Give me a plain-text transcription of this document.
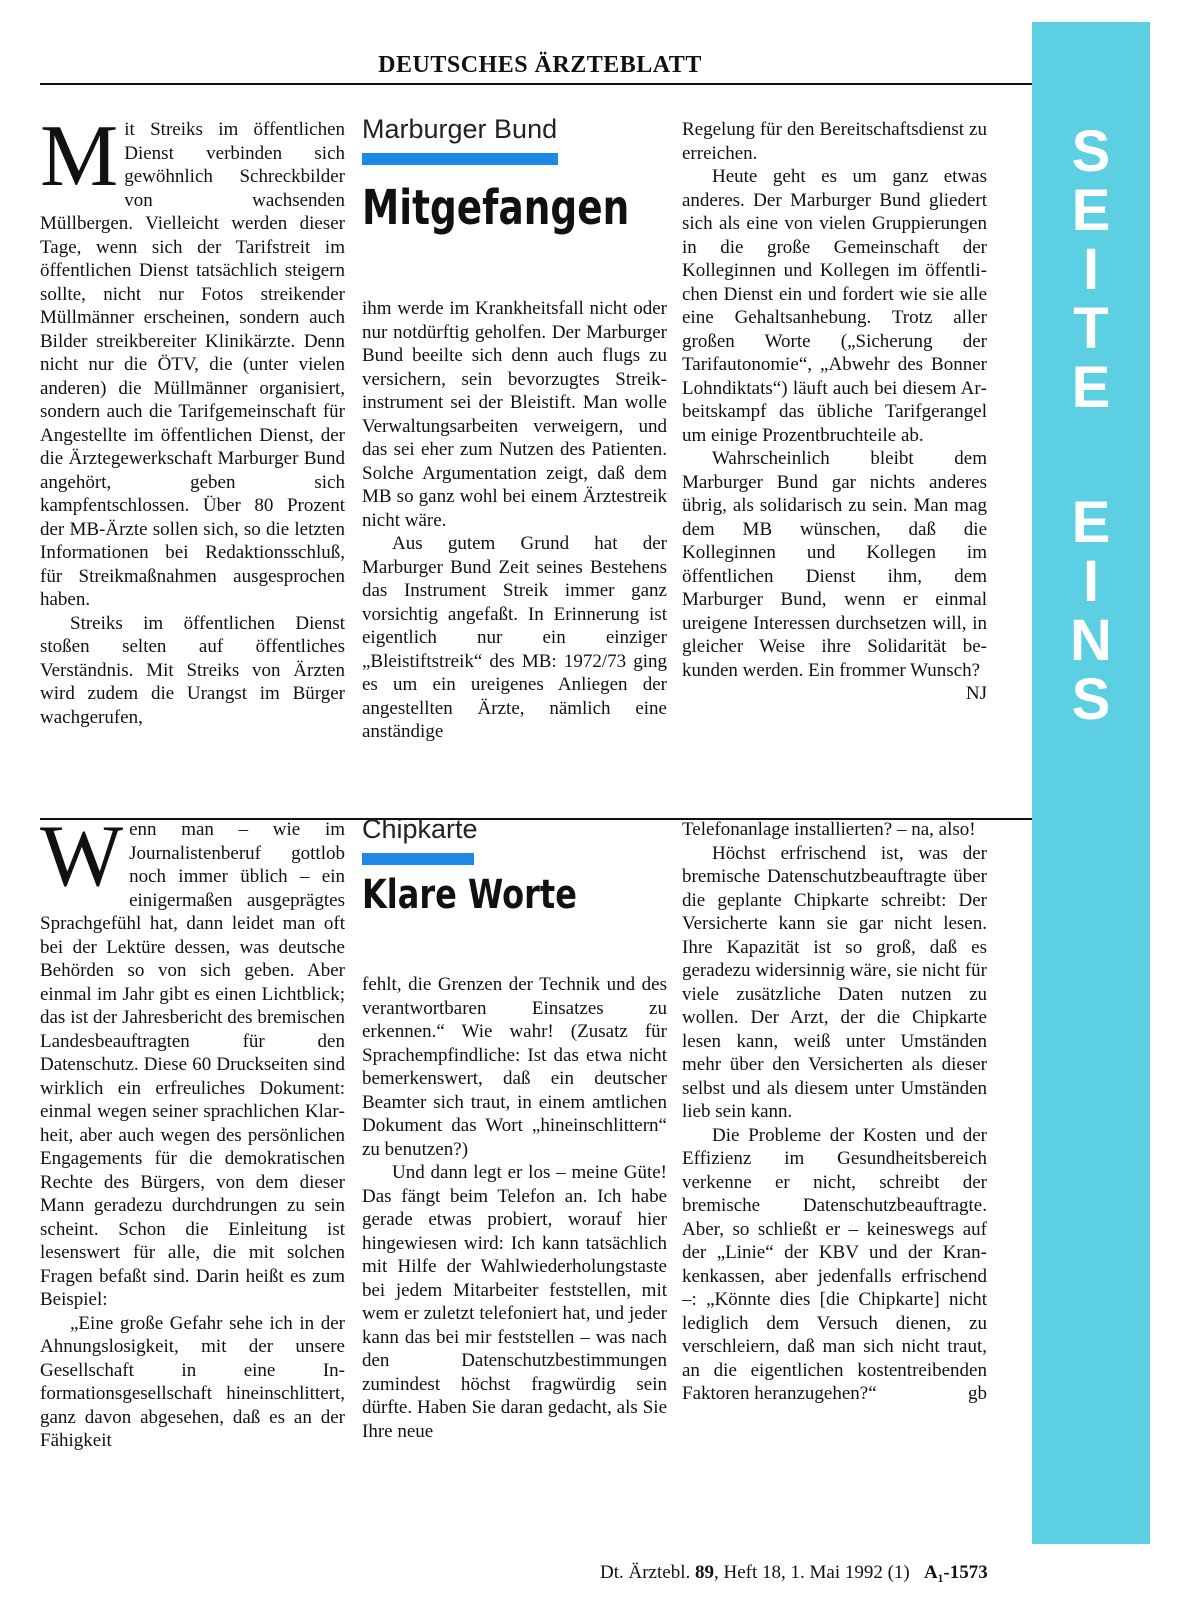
DEUTSCHES ÄRZTEBLATT

Mit Streiks im öffentlichen Dienst verbinden sich gewöhnlich Schreckbilder von wachsenden Müllbergen. Vielleicht werden dieser Tage, wenn sich der Tarifstreit im öffentlichen Dienst tatsächlich steigern sollte, nicht nur Fotos streikender Müllmänner erscheinen, sondern auch Bilder streikbereiter Klinikärzte. Denn nicht nur die ÖTV, die (unter vielen anderen) die Müllmänner organisiert, sondern auch die Tarifgemeinschaft für Angestellte im öffentlichen Dienst, der die Ärztegewerkschaft Marburger Bund angehört, geben sich kampfentschlossen. Über 80 Prozent der MB-Ärzte sollen sich, so die letzten Informationen bei Redaktionsschluß, für Streikmaßnahmen ausgesprochen haben.

Streiks im öffentlichen Dienst stoßen selten auf öffentliches Verständnis. Mit Streiks von Ärzten wird zudem die Urangst im Bürger wachgerufen,

Marburger Bund
Mitgefangen

ihm werde im Krankheitsfall nicht oder nur notdürftig geholfen. Der Marburger Bund beeilte sich denn auch flugs zu versichern, sein bevorzugtes Streikinstrument sei der Bleistift. Man wolle Verwaltungsarbeiten verweigern, und das sei eher zum Nutzen des Patienten. Solche Argumentation zeigt, daß dem MB so ganz wohl bei einem Ärztestreik nicht wäre.

Aus gutem Grund hat der Marburger Bund Zeit seines Bestehens das Instrument Streik immer ganz vorsichtig angefaßt. In Erinnerung ist eigentlich nur ein einziger „Bleistiftstreik“ des MB: 1972/73 ging es um ein ureigenes Anliegen der angestellten Ärzte, nämlich eine anständige

Regelung für den Bereitschaftsdienst zu erreichen.

Heute geht es um ganz etwas anderes. Der Marburger Bund gliedert sich als eine von vielen Gruppierungen in die große Gemeinschaft der Kolleginnen und Kollegen im öffentlichen Dienst ein und fordert wie sie alle eine Gehaltsanhebung. Trotz aller großen Worte („Sicherung der Tarifautonomie“, „Abwehr des Bonner Lohndiktats“) läuft auch bei diesem Arbeitskampf das übliche Tarifgerangel um einige Prozentbruchteile ab.

Wahrscheinlich bleibt dem Marburger Bund gar nichts anderes übrig, als solidarisch zu sein. Man mag dem MB wünschen, daß die Kolleginnen und Kollegen im öffentlichen Dienst ihm, dem Marburger Bund, wenn er einmal ureigene Interessen durchsetzen will, in gleicher Weise ihre Solidarität bekunden werden. Ein frommer Wunsch?
NJ

Wenn man – wie im Journalistenberuf gottlob noch immer üblich – ein einigermaßen ausgeprägtes Sprachgefühl hat, dann leidet man oft bei der Lektüre dessen, was deutsche Behörden so von sich geben. Aber einmal im Jahr gibt es einen Lichtblick; das ist der Jahresbericht des bremischen Landesbeauftragten für den Datenschutz. Diese 60 Druckseiten sind wirklich ein erfreuliches Dokument: einmal wegen seiner sprachlichen Klarheit, aber auch wegen des persönlichen Engagements für die demokratischen Rechte des Bürgers, von dem dieser Mann geradezu durchdrungen zu sein scheint. Schon die Einleitung ist lesenswert für alle, die mit solchen Fragen befaßt sind. Darin heißt es zum Beispiel:

„Eine große Gefahr sehe ich in der Ahnungslosigkeit, mit der unsere Gesellschaft in eine Informationsgesellschaft hineinschlittert, ganz davon abgesehen, daß es an der Fähigkeit

Chipkarte
Klare Worte

fehlt, die Grenzen der Technik und des verantwortbaren Einsatzes zu erkennen.“ Wie wahr! (Zusatz für Sprachempfindliche: Ist das etwa nicht bemerkenswert, daß ein deutscher Beamter sich traut, in einem amtlichen Dokument das Wort „hineinschlittern“ zu benutzen?)

Und dann legt er los – meine Güte! Das fängt beim Telefon an. Ich habe gerade etwas probiert, worauf hier hingewiesen wird: Ich kann tatsächlich mit Hilfe der Wahlwiederholungstaste bei jedem Mitarbeiter feststellen, mit wem er zuletzt telefoniert hat, und jeder kann das bei mir feststellen – was nach den Datenschutzbestimmungen zumindest höchst fragwürdig sein dürfte. Haben Sie daran gedacht, als Sie Ihre neue

Telefonanlage installierten? – na, also!

Höchst erfrischend ist, was der bremische Datenschutzbeauftragte über die geplante Chipkarte schreibt: Der Versicherte kann sie gar nicht lesen. Ihre Kapazität ist so groß, daß es geradezu widersinnig wäre, sie nicht für viele zusätzliche Daten nutzen zu wollen. Der Arzt, der die Chipkarte lesen kann, weiß unter Umständen mehr über den Versicherten als dieser selbst und als diesem unter Umständen lieb sein kann.

Die Probleme der Kosten und der Effizienz im Gesundheitsbereich verkenne er nicht, schreibt der bremische Datenschutzbeauftragte. Aber, so schließt er – keineswegs auf der „Linie“ der KBV und der Krankenkassen, aber jedenfalls erfrischend –: „Könnte dies [die Chipkarte] nicht lediglich dem Versuch dienen, zu verschleiern, daß man sich nicht traut, an die eigentlichen kostentreibenden Faktoren heranzugehen?“	gb

S
E
I
T
E
E
I
N
S
Dt. Ärztebl. 89, Heft 18, 1. Mai 1992 (1) A₁-1573
